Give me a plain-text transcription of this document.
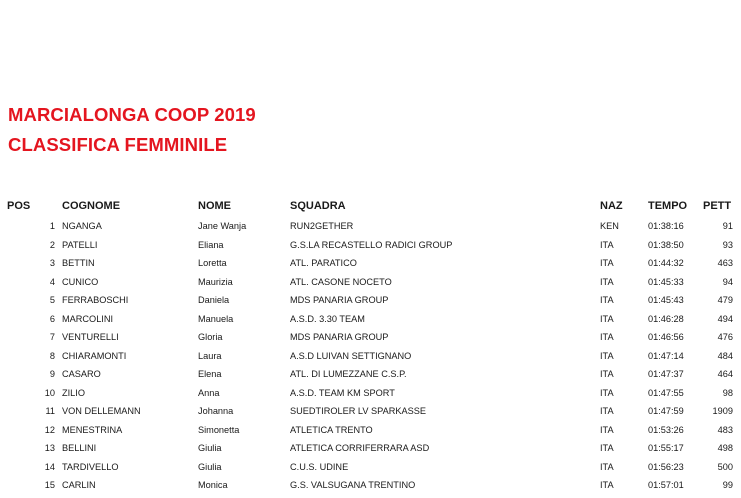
MARCIALONGA COOP 2019
CLASSIFICA FEMMINILE
POS	COGNOME	NOME	SQUADRA	NAZ TEMPO PETT
1 NGANGA	Jane Wanja	RUN2GETHER	KEN	01:38:16	91
2 PATELLI	Eliana	G.S.LA RECASTELLO RADICI GROUP	ITA	01:38:50	93
3 BETTIN	Loretta	ATL. PARATICO	ITA	01:44:32	463
4 CUNICO	Maurizia	ATL. CASONE NOCETO	ITA	01:45:33	94
5 FERRABOSCHI	Daniela	MDS PANARIA GROUP	ITA	01:45:43	479
6 MARCOLINI	Manuela	A.S.D. 3.30 TEAM	ITA	01:46:28	494
7 VENTURELLI	Gloria	MDS PANARIA GROUP	ITA	01:46:56	476
8 CHIARAMONTI	Laura	A.S.D LUIVAN SETTIGNANO	ITA	01:47:14	484
9 CASARO	Elena	ATL. DI LUMEZZANE C.S.P.	ITA	01:47:37	464
10 ZILIO	Anna	A.S.D. TEAM KM SPORT	ITA	01:47:55	98
11 VON DELLEMANN	Johanna	SUEDTIROLER LV SPARKASSE	ITA	01:47:59	1909
12 MENESTRINA	Simonetta	ATLETICA TRENTO	ITA	01:53:26	483
13 BELLINI	Giulia	ATLETICA CORRIFERRARA ASD	ITA	01:55:17	498
14 TARDIVELLO	Giulia	C.U.S. UDINE	ITA	01:56:23	500
15 CARLIN	Monica	G.S. VALSUGANA TRENTINO	ITA	01:57:01	99
